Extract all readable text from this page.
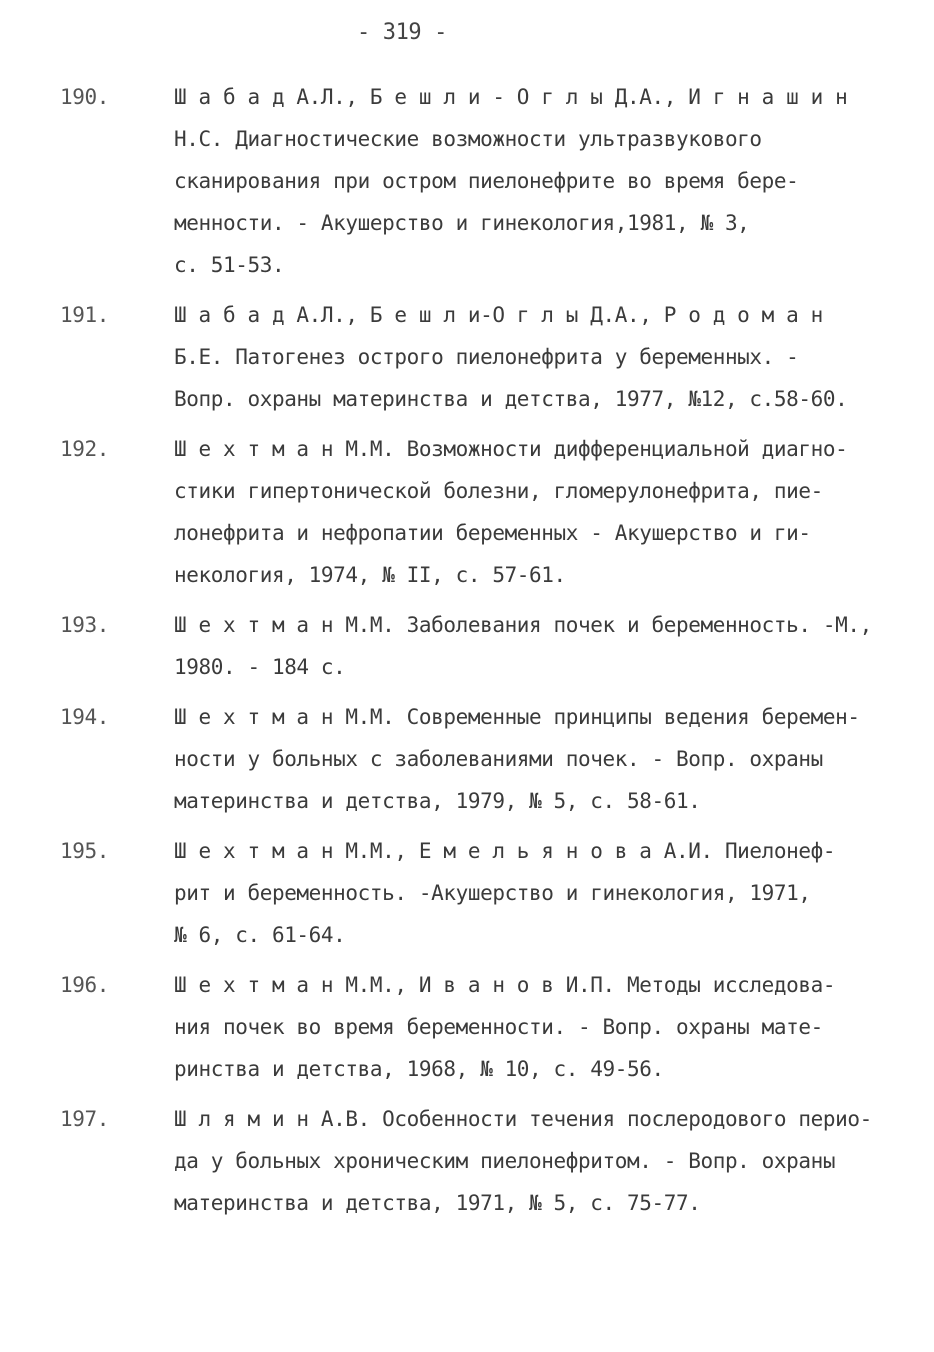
- 319 -
190.	Ш а б а д А.Л., Б е ш л и - О г л ы Д.А., И г н а ш и н
Н.С. Диагностические возможности ультразвукового
сканирования при остром пиелонефрите во время бере-
менности. - Акушерство и гинекология,1981, № 3,
с. 51-53.
191.	Ш а б а д А.Л., Б е ш л и-О г л ы Д.А., Р о д о м а н
Б.Е. Патогенез острого пиелонефрита у беременных. -
Вопр. охраны материнства и детства, 1977, №12, с.58-60.
192.	Ш е х т м а н М.М. Возможности дифференциальной диагно-
стики гипертонической болезни, гломерулонефрита, пие-
лонефрита и нефропатии беременных - Акушерство и ги-
некология, 1974, № II, с. 57-61.
193.	Ш е х т м а н М.М. Заболевания почек и беременность. -М.,
1980. - 184 с.
194.	Ш е х т м а н М.М. Современные принципы ведения беремен-
ности у больных с заболеваниями почек. - Вопр. охраны
материнства и детства, 1979, № 5, с. 58-61.
195.	Ш е х т м а н М.М., Е м е л ь я н о в а А.И. Пиелонеф-
рит и беременность. -Акушерство и гинекология, 1971,
№ 6, с. 61-64.
196.	Ш е х т м а н М.М., И в а н о в И.П. Методы исследова-
ния почек во время беременности. - Вопр. охраны мате-
ринства и детства, 1968, № 10, с. 49-56.
197.	Ш л я м и н А.В. Особенности течения послеродового перио-
да у больных хроническим пиелонефритом. - Вопр. охраны
материнства и детства, 1971, № 5, с. 75-77.
